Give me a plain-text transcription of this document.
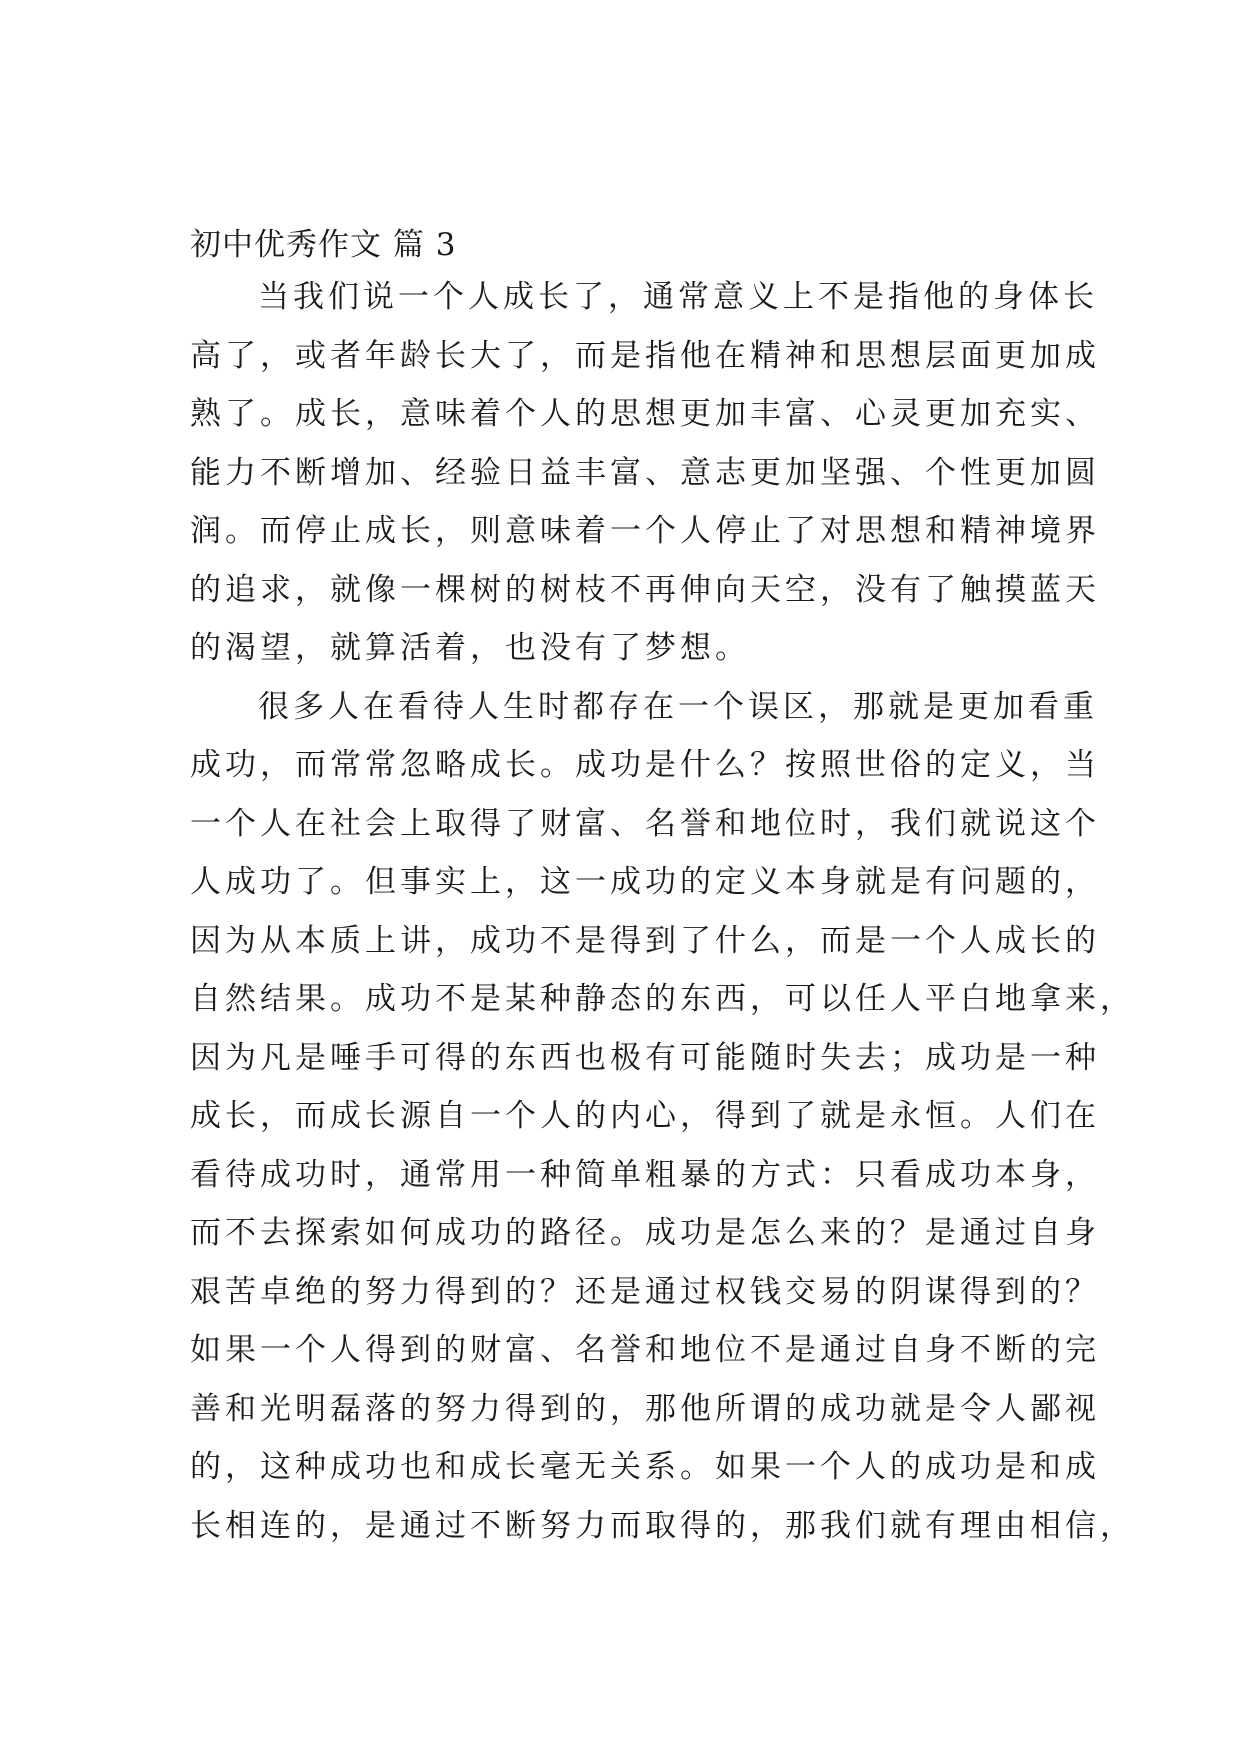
初中优秀作文 篇 3

当我们说一个人成长了，通常意义上不是指他的身体长
高了，或者年龄长大了，而是指他在精神和思想层面更加成
熟了。成长，意味着个人的思想更加丰富、心灵更加充实、
能力不断增加、经验日益丰富、意志更加坚强、个性更加圆
润。而停止成长，则意味着一个人停止了对思想和精神境界
的追求，就像一棵树的树枝不再伸向天空，没有了触摸蓝天
的渴望，就算活着，也没有了梦想。

很多人在看待人生时都存在一个误区，那就是更加看重
成功，而常常忽略成长。成功是什么？按照世俗的定义，当
一个人在社会上取得了财富、名誉和地位时，我们就说这个
人成功了。但事实上，这一成功的定义本身就是有问题的，
因为从本质上讲，成功不是得到了什么，而是一个人成长的
自然结果。成功不是某种静态的东西，可以任人平白地拿来，
因为凡是唾手可得的东西也极有可能随时失去；成功是一种
成长，而成长源自一个人的内心，得到了就是永恒。人们在
看待成功时，通常用一种简单粗暴的方式：只看成功本身，
而不去探索如何成功的路径。成功是怎么来的？是通过自身
艰苦卓绝的努力得到的？还是通过权钱交易的阴谋得到的？
如果一个人得到的财富、名誉和地位不是通过自身不断的完
善和光明磊落的努力得到的，那他所谓的成功就是令人鄙视
的，这种成功也和成长毫无关系。如果一个人的成功是和成
长相连的，是通过不断努力而取得的，那我们就有理由相信，
